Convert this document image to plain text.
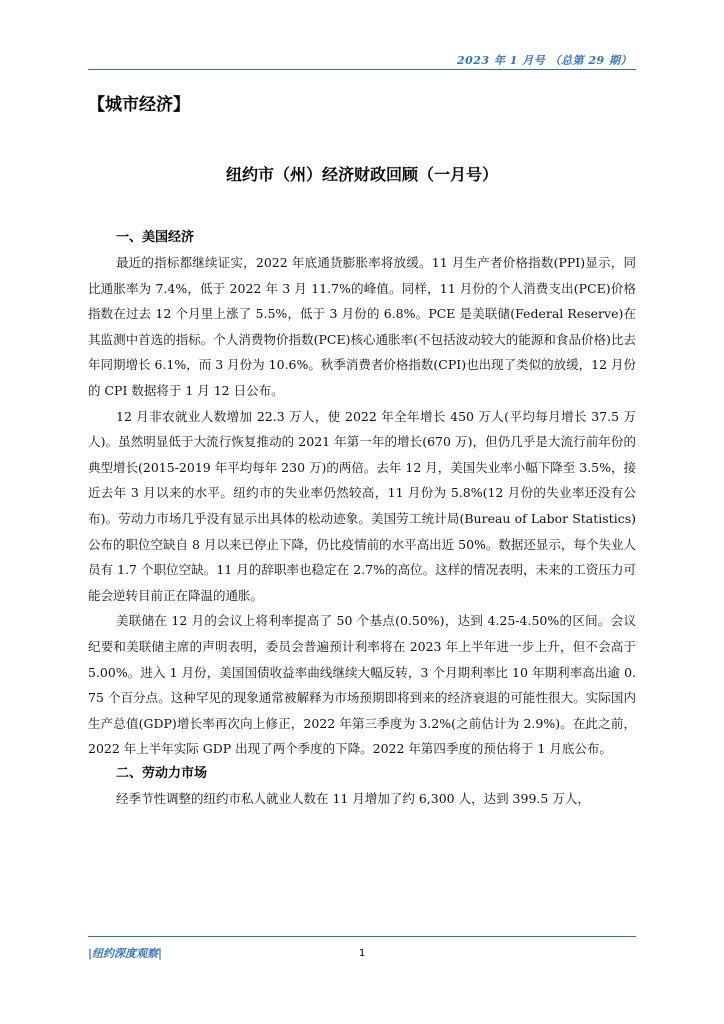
2023 年 1 月号 （总第 29 期）
【城市经济】
纽约市（州）经济财政回顾（一月号）
一、美国经济

最近的指标都继续证实，2022 年底通货膨胀率将放缓。11 月生产者价格指数(PPI)显示，同比通胀率为 7.4%，低于 2022 年 3 月 11.7%的峰值。同样，11 月份的个人消费支出(PCE)价格指数在过去 12 个月里上涨了 5.5%，低于 3 月份的 6.8%。PCE 是美联储(Federal Reserve)在其监测中首选的指标。个人消费物价指数(PCE)核心通胀率(不包括波动较大的能源和食品价格)比去年同期增长 6.1%，而 3 月份为 10.6%。秋季消费者价格指数(CPI)也出现了类似的放缓，12 月份的 CPI 数据将于 1 月 12 日公布。

12 月非农就业人数增加 22.3 万人，使 2022 年全年增长 450 万人(平均每月增长 37.5 万人)。虽然明显低于大流行恢复推动的 2021 年第一年的增长(670 万)，但仍几乎是大流行前年份的典型增长(2015-2019 年平均每年 230 万)的两倍。去年 12 月，美国失业率小幅下降至 3.5%，接近去年 3 月以来的水平。纽约市的失业率仍然较高，11 月份为 5.8%(12 月份的失业率还没有公布)。劳动力市场几乎没有显示出具体的松动迹象。美国劳工统计局(Bureau of Labor Statistics)公布的职位空缺自 8 月以来已停止下降，仍比疫情前的水平高出近 50%。数据还显示，每个失业人员有 1.7 个职位空缺。11 月的辞职率也稳定在 2.7%的高位。这样的情况表明，未来的工资压力可能会逆转目前正在降温的通胀。

美联储在 12 月的会议上将利率提高了 50 个基点(0.50%)，达到 4.25-4.50%的区间。会议纪要和美联储主席的声明表明，委员会普遍预计利率将在 2023 年上半年进一步上升，但不会高于 5.00%。进入 1 月份，美国国债收益率曲线继续大幅反转，3 个月期利率比 10 年期利率高出逾 0.75 个百分点。这种罕见的现象通常被解释为市场预期即将到来的经济衰退的可能性很大。实际国内生产总值(GDP)增长率再次向上修正，2022 年第三季度为 3.2%(之前估计为 2.9%)。在此之前，2022 年上半年实际 GDP 出现了两个季度的下降。2022 年第四季度的预估将于 1 月底公布。

二、劳动力市场

经季节性调整的纽约市私人就业人数在 11 月增加了约 6,300 人，达到 399.5 万人，

|纽约深度观察|	1
